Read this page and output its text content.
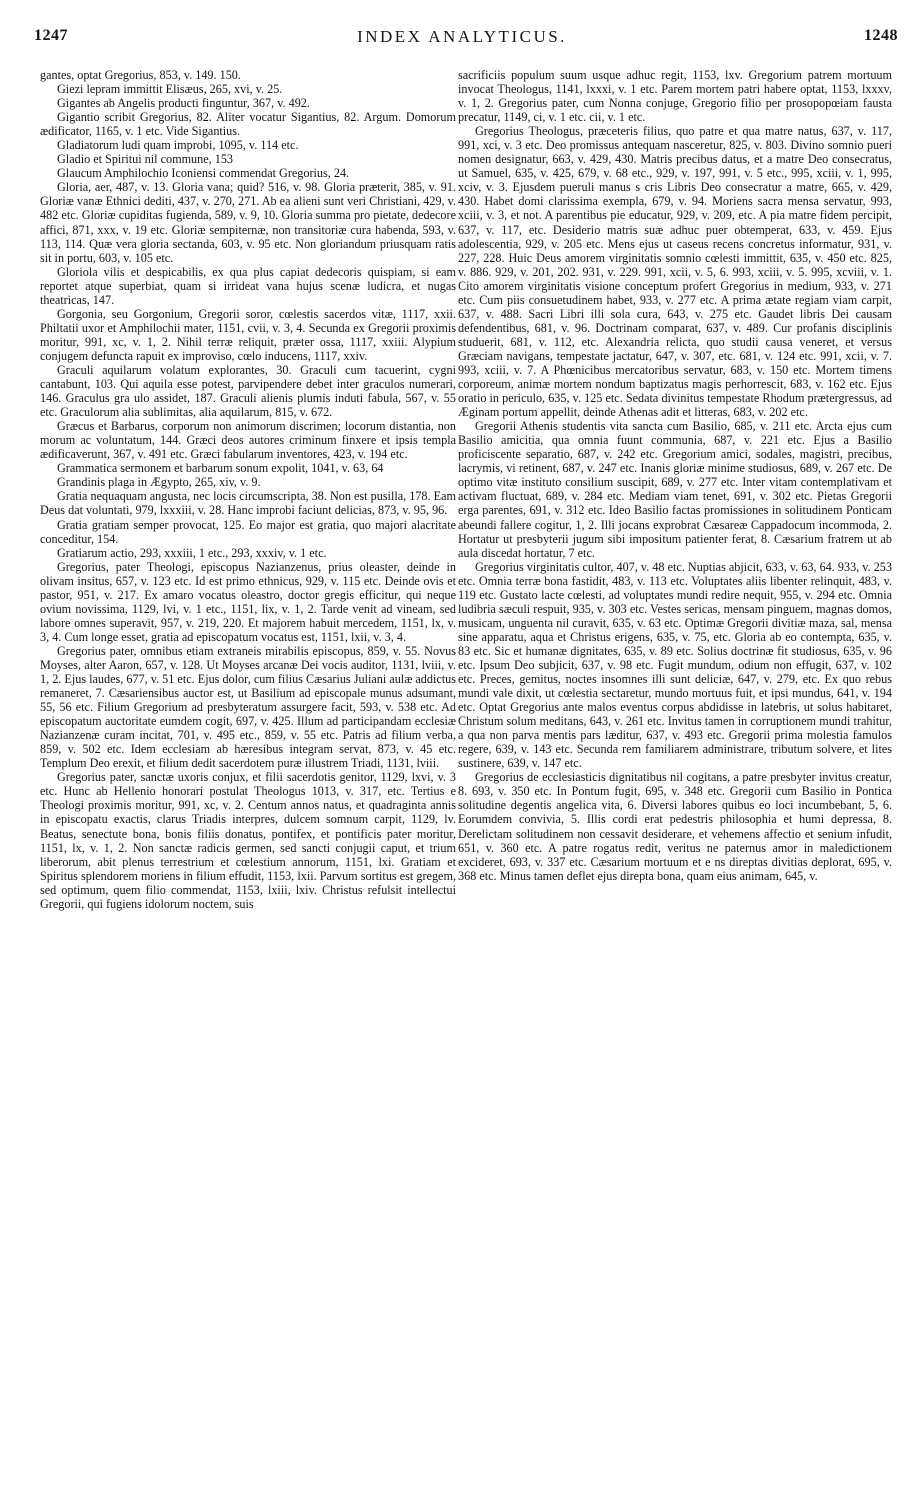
1247	INDEX ANALYTICUS.	1248

gantes, optat Gregorius, 853, v. 149. 150.

Giezi lepram immittit Elisæus, 265, xvi, v. 25.

Gigantes ab Angelis producti finguntur, 367, v. 492.

Gigantio scribit Gregorius, 82. Aliter vocatur Sigantius, 82. Argum. Domorum ædificator, 1165, v. 1 etc. Vide Sigantius.

Gladiatorum ludi quam improbi, 1095, v. 114 etc.

Gladio et Spiritui nil commune, 153

Glaucum Amphilochio Iconiensi commendat Gregorius, 24.

Gloria, aer, 487, v. 13. Gloria vana; quid? 516, v. 98. Gloria præterit, 385, v. 91. Gloriæ vanæ Ethnici dediti, 437, v. 270, 271. Ab ea alieni sunt veri Christiani, 429, v. 482 etc. Gloriæ cupiditas fugienda, 589, v. 9, 10. Gloria summa pro pietate, dedecore affici, 871, xxx, v. 19 etc. Gloriæ sempiternæ, non transitoriæ cura habenda, 593, v. 113, 114. Quæ vera gloria sectanda, 603, v. 95 etc. Non gloriandum priusquam ratis sit in portu, 603, v. 105 etc.

Gloriola vilis et despicabilis, ex qua plus capiat dedecoris quispiam, si eam reportet atque superbiat, quam si irrideat vana hujus scenæ ludicra, et nugas theatricas, 147.

Gorgonia, seu Gorgonium, Gregorii soror, cœlestis sacerdos vitæ, 1117, xxii. Philtatii uxor et Amphilochii mater, 1151, cvii, v. 3, 4. Secunda ex Gregorii proximis moritur, 991, xc, v. 1, 2. Nihil terræ reliquit, præter ossa, 1117, xxiii. Alypium conjugem defuncta rapuit ex improviso, cœlo inducens, 1117, xxiv.

Graculi aquilarum volatum explorantes, 30. Graculi cum tacuerint, cygni cantabunt, 103. Qui aquila esse potest, parvipendere debet inter graculos numerari, 146. Graculus gra ulo assidet, 187. Graculi alienis plumis induti fabula, 567, v. 55 etc. Graculorum alia sublimitas, alia aquilarum, 815, v. 672.

Græcus et Barbarus, corporum non animorum discrimen; locorum distantia, non morum ac voluntatum, 144. Græci deos autores criminum finxere et ipsis templa ædificaverunt, 367, v. 491 etc. Græci fabularum inventores, 423, v. 194 etc.

Grammatica sermonem et barbarum sonum expolit, 1041, v. 63, 64

Grandinis plaga in Ægypto, 265, xiv, v. 9.

Gratia nequaquam angusta, nec locis circumscripta, 38. Non est pusilla, 178. Eam Deus dat voluntati, 979, lxxxiii, v. 28. Hanc improbi faciunt delicias, 873, v. 95, 96.

Gratia gratiam semper provocat, 125. Eo major est gratia, quo majori alacritate conceditur, 154.

Gratiarum actio, 293, xxxiii, 1 etc., 293, xxxiv, v. 1 etc.

Gregorius, pater Theologi, episcopus Nazianzenus, prius oleaster, deinde in olivam insitus, 657, v. 123 etc. Id est primo ethnicus, 929, v. 115 etc. Deinde ovis et pastor, 951, v. 217. Ex amaro vocatus oleastro, doctor gregis efficitur, qui neque ovium novissima, 1129, lvi, v. 1 etc., 1151, lix, v. 1, 2. Tarde venit ad vineam, sed labore omnes superavit, 957, v. 219, 220. Et majorem habuit mercedem, 1151, lx, v. 3, 4. Cum longe esset, gratia ad episcopatum vocatus est, 1151, lxii, v. 3, 4.

Gregorius pater, omnibus etiam extraneis mirabilis episcopus, 859, v. 55. Novus Moyses, alter Aaron, 657, v. 128. Ut Moyses arcanæ Dei vocis auditor, 1131, lviii, v. 1, 2. Ejus laudes, 677, v. 51 etc. Ejus dolor, cum filius Cæsarius Juliani aulæ addictus remaneret, 7. Cæsariensibus auctor est, ut Basilium ad episcopale munus adsumant, 55, 56 etc. Filium Gregorium ad presbyteratum assurgere facit, 593, v. 538 etc. Ad episcopatum auctoritate eumdem cogit, 697, v. 425. Illum ad participandam ecclesiæ Nazianzenæ curam incitat, 701, v. 495 etc., 859, v. 55 etc. Patris ad filium verba, 859, v. 502 etc. Idem ecclesiam ab hæresibus integram servat, 873, v. 45 etc. Templum Deo erexit, et filium dedit sacerdotem puræ illustrem Triadi, 1131, lviii.

Gregorius pater, sanctæ uxoris conjux, et filii sacerdotis genitor, 1129, lxvi, v. 3 etc. Hunc ab Hellenio honorari postulat Theologus 1013, v. 317, etc. Tertius e Theologi proximis moritur, 991, xc, v. 2. Centum annos natus, et quadraginta annis in episcopatu exactis, clarus Triadis interpres, dulcem somnum carpit, 1129, lv. Beatus, senectute bona, bonis filiis donatus, pontifex, et pontificis pater moritur, 1151, lx, v. 1, 2. Non sanctæ radicis germen, sed sancti conjugii caput, et trium liberorum, abit plenus terrestrium et cœlestium annorum, 1151, lxi. Gratiam et Spiritus splendorem moriens in filium effudit, 1153, lxii. Parvum sortitus est gregem, sed optimum, quem filio commendat, 1153, lxiii, lxiv. Christus refulsit intellectui Gregorii, qui fugiens idolorum noctem, suis

sacrificiis populum suum usque adhuc regit, 1153, lxv. Gregorium patrem mortuum invocat Theologus, 1141, lxxxi, v. 1 etc. Parem mortem patri habere optat, 1153, lxxxv, v. 1, 2. Gregorius pater, cum Nonna conjuge, Gregorio filio per prosopopœiam fausta precatur, 1149, ci, v. 1 etc. cii, v. 1 etc.

Gregorius Theologus, præceteris filius, quo patre et qua matre natus, 637, v. 117, 991, xci, v. 3 etc. Deo promissus antequam nasceretur, 825, v. 803. Divino somnio pueri nomen designatur, 663, v. 429, 430. Matris precibus datus, et a matre Deo consecratus, ut Samuel, 635, v. 425, 679, v. 68 etc., 929, v. 197, 991, v. 5 etc., 995, xciii, v. 1, 995, xciv, v. 3. Ejusdem pueruli manus s cris Libris Deo consecratur a matre, 665, v. 429, 430. Habet domi clarissima exempla, 679, v. 94. Moriens sacra mensa servatur, 993, xciii, v. 3, et not. A parentibus pie educatur, 929, v. 209, etc. A pia matre fidem percipit, 637, v. 117, etc. Desiderio matris suæ adhuc puer obtemperat, 633, v. 459. Ejus adolescentia, 929, v. 205 etc. Mens ejus ut caseus recens concretus informatur, 931, v. 227, 228. Huic Deus amorem virginitatis somnio cœlesti immittit, 635, v. 450 etc. 825, v. 886. 929, v. 201, 202. 931, v. 229. 991, xcii, v. 5, 6. 993, xciii, v. 5. 995, xcviii, v. 1. Cito amorem virginitatis visione conceptum profert Gregorius in medium, 933, v. 271 etc. Cum piis consuetudinem habet, 933, v. 277 etc. A prima ætate regiam viam carpit, 637, v. 488. Sacri Libri illi sola cura, 643, v. 275 etc. Gaudet libris Dei causam defendentibus, 681, v. 96. Doctrinam comparat, 637, v. 489. Cur profanis disciplinis studuerit, 681, v. 112, etc. Alexandria relicta, quo studii causa veneret, et versus Græciam navigans, tempestate jactatur, 647, v. 307, etc. 681, v. 124 etc. 991, xcii, v. 7. 993, xciii, v. 7. A Phœnicibus mercatoribus servatur, 683, v. 150 etc. Mortem timens corporeum, animæ mortem nondum baptizatus magis perhorrescit, 683, v. 162 etc. Ejus oratio in periculo, 635, v. 125 etc. Sedata divinitus tempestate Rhodum prætergressus, ad Æginam portum appellit, deinde Athenas adit et litteras, 683, v. 202 etc.

Gregorii Athenis studentis vita sancta cum Basilio, 685, v. 211 etc. Arcta ejus cum Basilio amicitia, qua omnia fuunt communia, 687, v. 221 etc. Ejus a Basilio proficiscente separatio, 687, v. 242 etc. Gregorium amici, sodales, magistri, precibus, lacrymis, vi retinent, 687, v. 247 etc. Inanis gloriæ minime studiosus, 689, v. 267 etc. De optimo vitæ instituto consilium suscipit, 689, v. 277 etc. Inter vitam contemplativam et activam fluctuat, 689, v. 284 etc. Mediam viam tenet, 691, v. 302 etc. Pietas Gregorii erga parentes, 691, v. 312 etc. Ideo Basilio factas promissiones in solitudinem Ponticam abeundi fallere cogitur, 1, 2. Illi jocans exprobrat Cæsareæ Cappadocum incommoda, 2. Hortatur ut presbyterii jugum sibi impositum patienter ferat, 8. Cæsarium fratrem ut ab aula discedat hortatur, 7 etc.

Gregorius virginitatis cultor, 407, v. 48 etc. Nuptias abjicit, 633, v. 63, 64. 933, v. 253 etc. Omnia terræ bona fastidit, 483, v. 113 etc. Voluptates aliis libenter relinquit, 483, v. 119 etc. Gustato lacte cœlesti, ad voluptates mundi redire nequit, 955, v. 294 etc. Omnia ludibria sæculi respuit, 935, v. 303 etc. Vestes sericas, mensam pinguem, magnas domos, musicam, unguenta nil curavit, 635, v. 63 etc. Optimæ Gregorii divitiæ maza, sal, mensa sine apparatu, aqua et Christus erigens, 635, v. 75, etc. Gloria ab eo contempta, 635, v. 83 etc. Sic et humanæ dignitates, 635, v. 89 etc. Solius doctrinæ fit studiosus, 635, v. 96 etc. Ipsum Deo subjicit, 637, v. 98 etc. Fugit mundum, odium non effugit, 637, v. 102 etc. Preces, gemitus, noctes insomnes illi sunt deliciæ, 647, v. 279, etc. Ex quo rebus mundi vale dixit, ut cœlestia sectaretur, mundo mortuus fuit, et ipsi mundus, 641, v. 194 etc. Optat Gregorius ante malos eventus corpus abdidisse in latebris, ut solus habitaret, Christum solum meditans, 643, v. 261 etc. Invitus tamen in corruptionem mundi trahitur, a qua non parva mentis pars læditur, 637, v. 493 etc. Gregorii prima molestia famulos regere, 639, v. 143 etc. Secunda rem familiarem administrare, tributum solvere, et lites sustinere, 639, v. 147 etc.

Gregorius de ecclesiasticis dignitatibus nil cogitans, a patre presbyter invitus creatur, 8. 693, v. 350 etc. In Pontum fugit, 695, v. 348 etc. Gregorii cum Basilio in Pontica solitudine degentis angelica vita, 6. Diversi labores quibus eo loci incumbebant, 5, 6. Eorumdem convivia, 5. Illis cordi erat pedestris philosophia et humi depressa, 8. Derelictam solitudinem non cessavit desiderare, et vehemens affectio et senium infudit, 651, v. 360 etc. A patre rogatus redit, veritus ne paternus amor in maledictionem excideret, 693, v. 337 etc. Cæsarium mortuum et e ns direptas divitias deplorat, 695, v. 368 etc. Minus tamen deflet ejus direpta bona, quam eius animam, 645, v.
